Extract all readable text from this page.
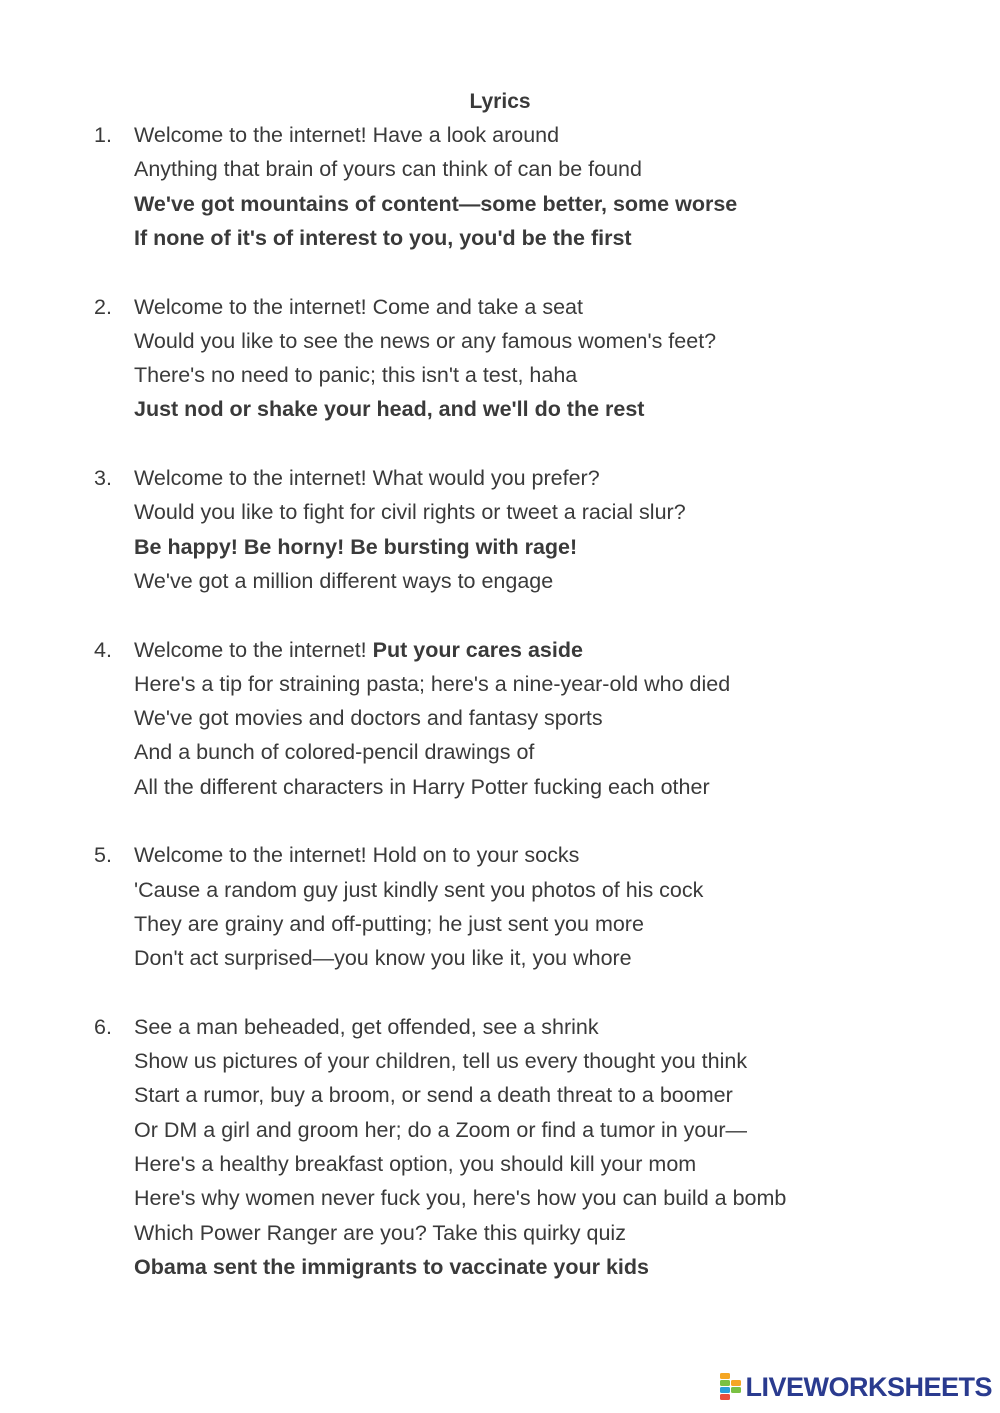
Lyrics
1. Welcome to the internet! Have a look around
Anything that brain of yours can think of can be found
We've got mountains of content—some better, some worse
If none of it's of interest to you, you'd be the first
2. Welcome to the internet! Come and take a seat
Would you like to see the news or any famous women's feet?
There's no need to panic; this isn't a test, haha
Just nod or shake your head, and we'll do the rest
3. Welcome to the internet! What would you prefer?
Would you like to fight for civil rights or tweet a racial slur?
Be happy! Be horny! Be bursting with rage!
We've got a million different ways to engage
4. Welcome to the internet! Put your cares aside
Here's a tip for straining pasta; here's a nine-year-old who died
We've got movies and doctors and fantasy sports
And a bunch of colored-pencil drawings of
All the different characters in Harry Potter fucking each other
5. Welcome to the internet! Hold on to your socks
'Cause a random guy just kindly sent you photos of his cock
They are grainy and off-putting; he just sent you more
Don't act surprised—you know you like it, you whore
6. See a man beheaded, get offended, see a shrink
Show us pictures of your children, tell us every thought you think
Start a rumor, buy a broom, or send a death threat to a boomer
Or DM a girl and groom her; do a Zoom or find a tumor in your—
Here's a healthy breakfast option, you should kill your mom
Here's why women never fuck you, here's how you can build a bomb
Which Power Ranger are you? Take this quirky quiz
Obama sent the immigrants to vaccinate your kids
LIVEWORKSHEETS
